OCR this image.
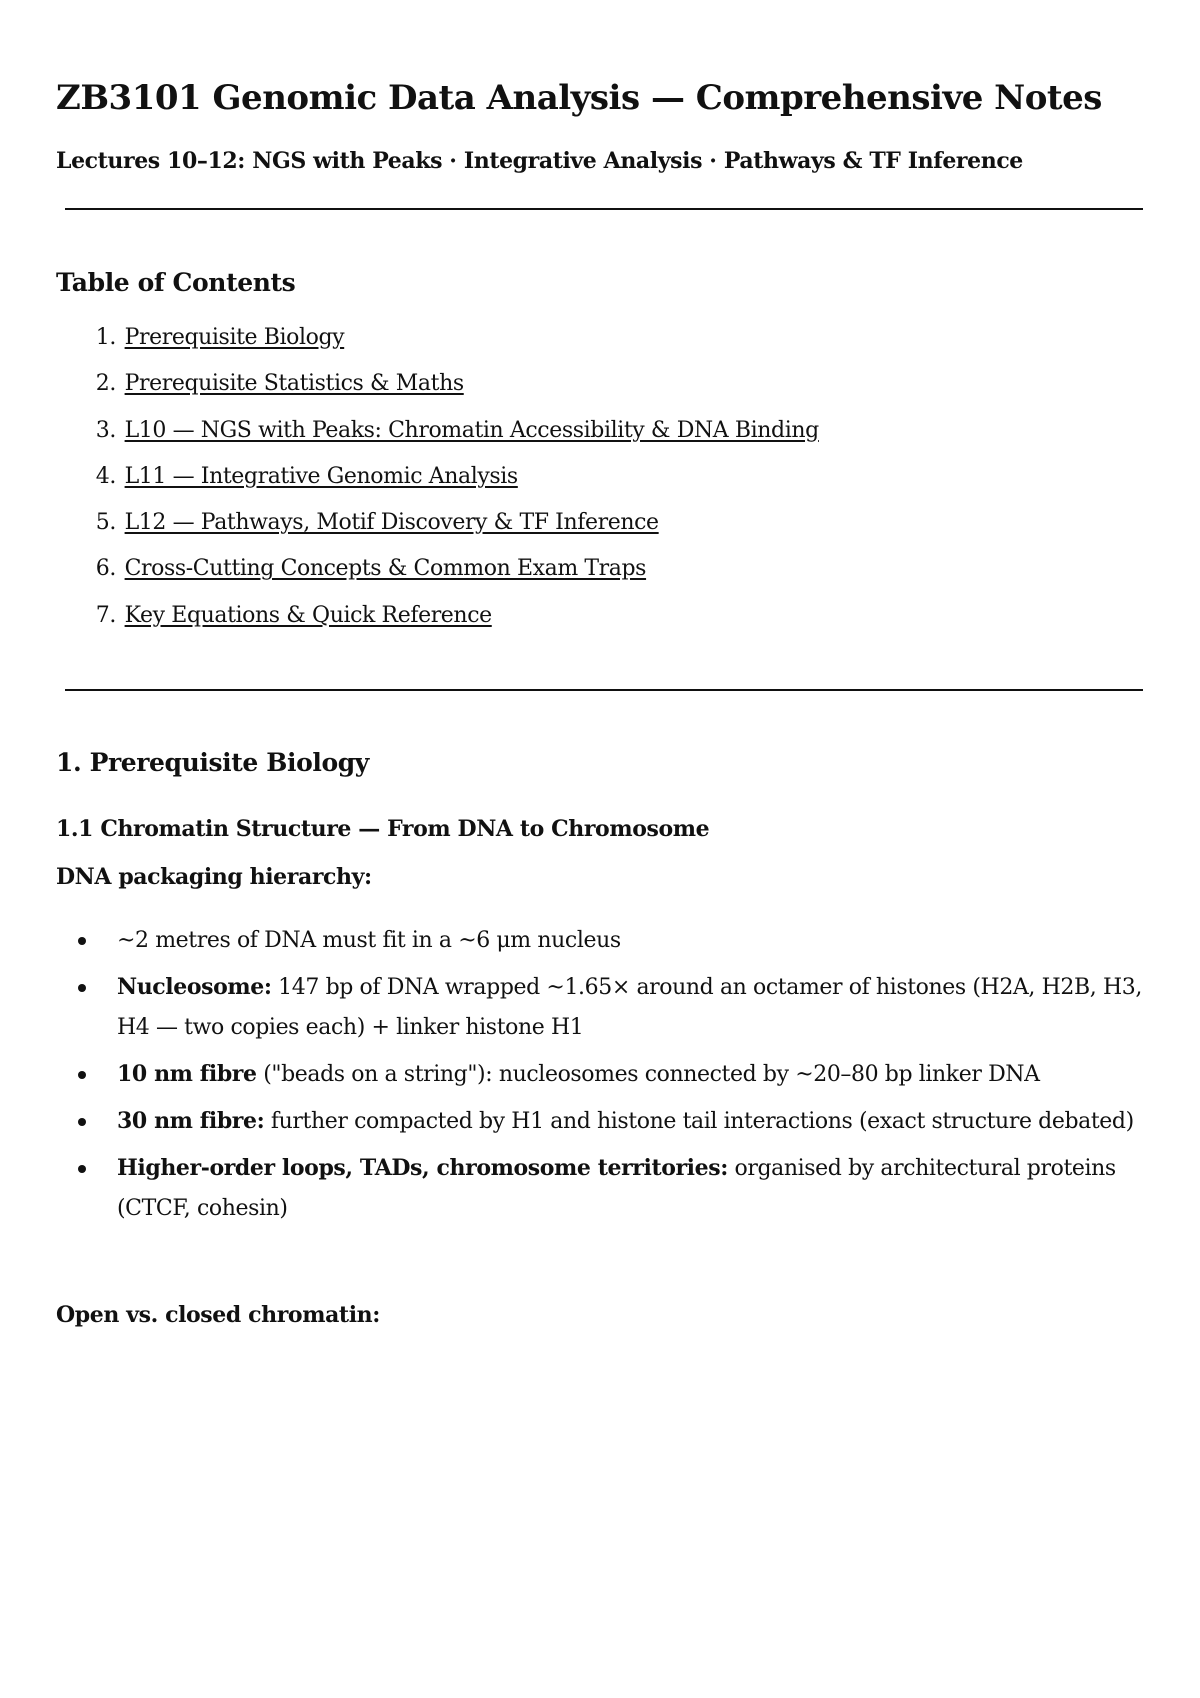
ZB3101 Genomic Data Analysis — Comprehensive Notes

Lectures 10–12: NGS with Peaks · Integrative Analysis · Pathways & TF Inference

Table of Contents
1. Prerequisite Biology
2. Prerequisite Statistics & Maths
3. L10 — NGS with Peaks: Chromatin Accessibility & DNA Binding
4. L11 — Integrative Genomic Analysis
5. L12 — Pathways, Motif Discovery & TF Inference
6. Cross-Cutting Concepts & Common Exam Traps
7. Key Equations & Quick Reference
1. Prerequisite Biology
1.1 Chromatin Structure — From DNA to Chromosome

DNA packaging hierarchy:

~2 metres of DNA must fit in a ~6 μm nucleus
Nucleosome: 147 bp of DNA wrapped ~1.65× around an octamer of histones (H2A, H2B, H3, H4 — two copies each) + linker histone H1
10 nm fibre ("beads on a string"): nucleosomes connected by ~20–80 bp linker DNA
30 nm fibre: further compacted by H1 and histone tail interactions (exact structure debated)
Higher-order loops, TADs, chromosome territories: organised by architectural proteins (CTCF, cohesin)

Open vs. closed chromatin:
